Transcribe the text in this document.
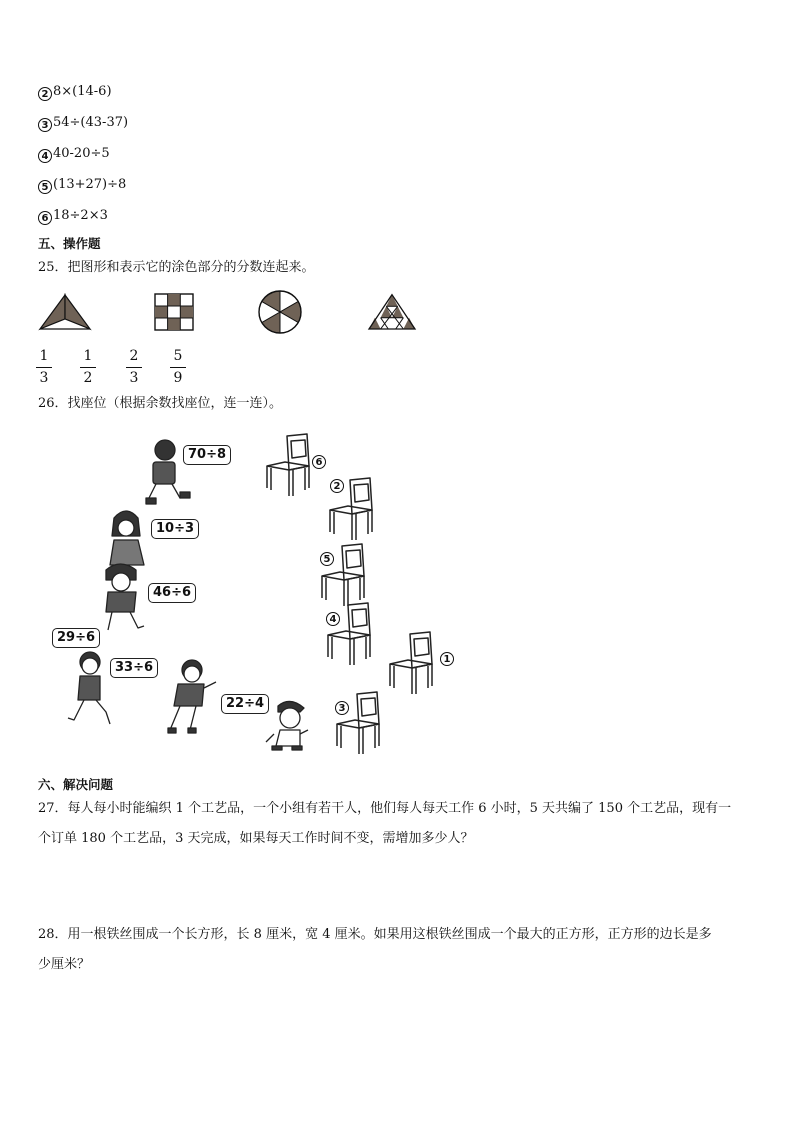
2 8×(14-6)
3 54÷(43-37)
4 40-20÷5
5 (13+27)÷8
6 18÷2×3
五、操作题
25．把图形和表示它的涂色部分的分数连起来。
1
3
1
2
2
3
5
9
26．找座位（根据余数找座位，连一连）。
70÷8
10÷3
46÷6
29÷6
33÷6
22÷4
6
2
5
4
1
3
六、解决问题
27．每人每小时能编织 1 个工艺品，一个小组有若干人，他们每人每天工作 6 小时，5 天共编了 150 个工艺品，现有一
个订单 180 个工艺品，3 天完成，如果每天工作时间不变，需增加多少人？
28．用一根铁丝围成一个长方形，长 8 厘米，宽 4 厘米。如果用这根铁丝围成一个最大的正方形，正方形的边长是多
少厘米？
